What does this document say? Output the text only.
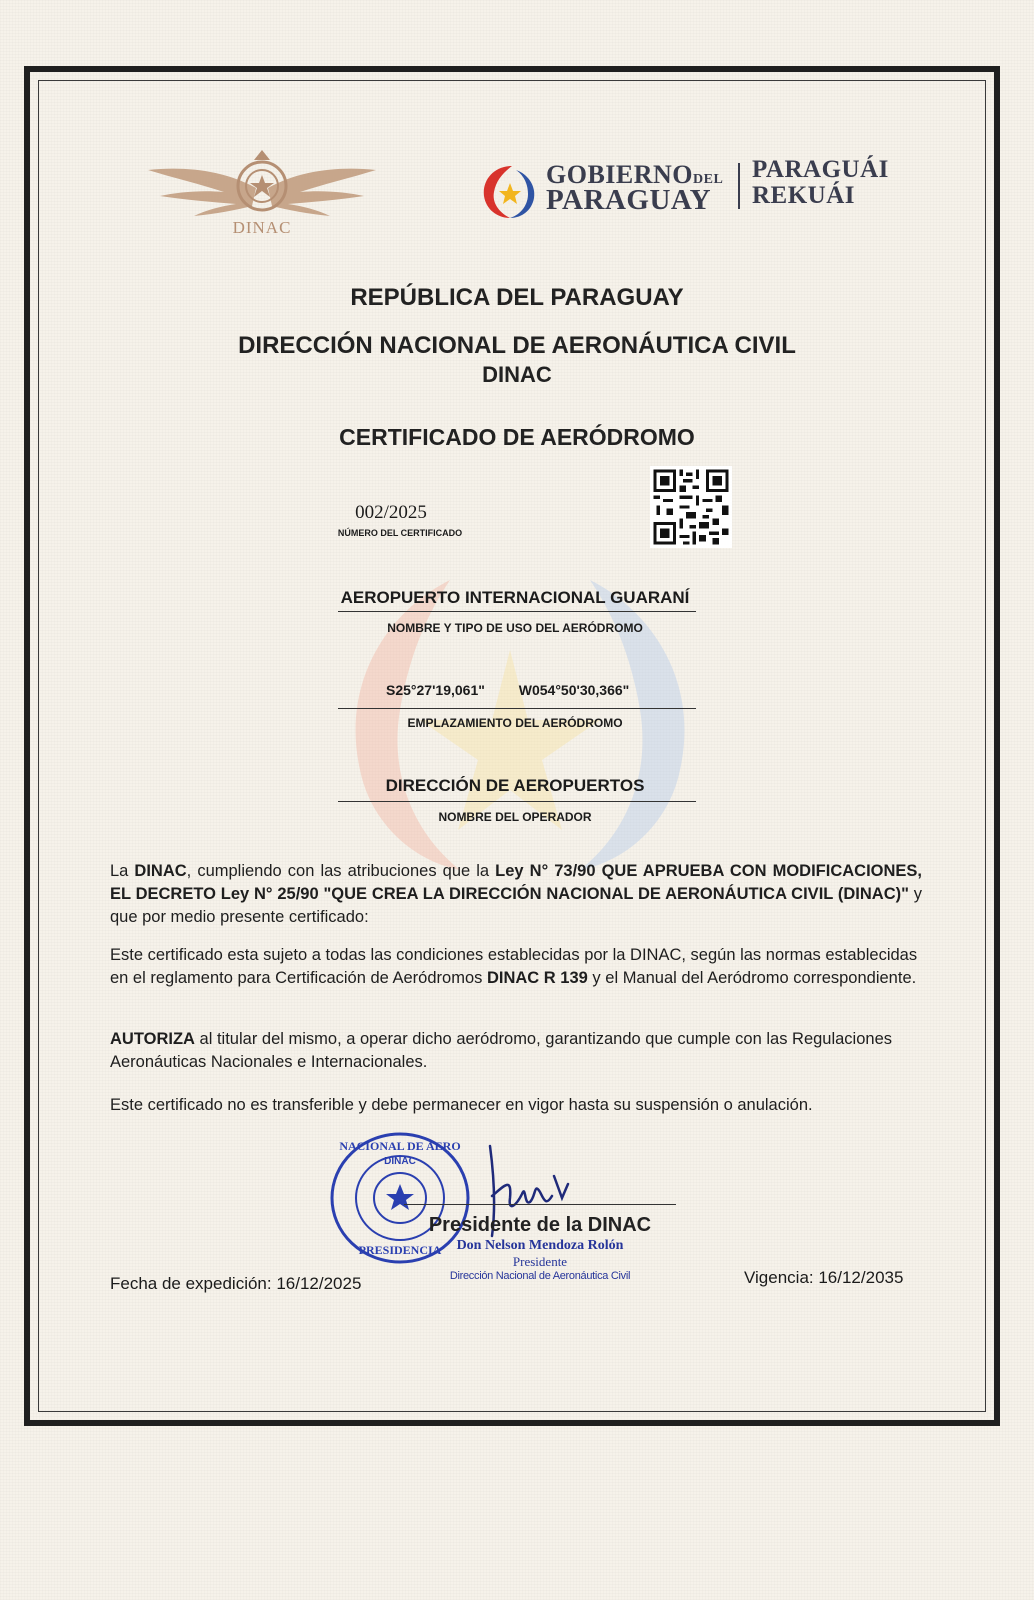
DINAC
GOBIERNODEL
PARAGUAY
PARAGUÁI
REKUÁI
REPÚBLICA DEL PARAGUAY
DIRECCIÓN NACIONAL DE AERONÁUTICA CIVIL
DINAC
CERTIFICADO DE AERÓDROMO
002/2025
NÚMERO DEL CERTIFICADO
AEROPUERTO INTERNACIONAL GUARANÍ
NOMBRE Y TIPO DE USO DEL AERÓDROMO
S25°27'19,061" W054°50'30,366"
EMPLAZAMIENTO DEL AERÓDROMO
DIRECCIÓN DE AEROPUERTOS
NOMBRE DEL OPERADOR
La DINAC, cumpliendo con las atribuciones que la Ley N° 73/90 QUE APRUEBA CON MODIFICACIONES, EL DECRETO Ley N° 25/90 "QUE CREA LA DIRECCIÓN NACIONAL DE AERONÁUTICA CIVIL (DINAC)" y que por medio presente certificado:
Este certificado esta sujeto a todas las condiciones establecidas por la DINAC, según las normas establecidas en el reglamento para Certificación de Aeródromos DINAC R 139 y el Manual del Aeródromo correspondiente.
AUTORIZA al titular del mismo, a operar dicho aeródromo, garantizando que cumple con las Regulaciones Aeronáuticas Nacionales e Internacionales.
Este certificado no es transferible y debe permanecer en vigor hasta su suspensión o anulación.
NACIONAL DE AERO
DINAC
PRESIDENCIA
Presidente de la DINAC
Don Nelson Mendoza Rolón
Presidente
Dirección Nacional de Aeronáutica Civil
Fecha de expedición: 16/12/2025	Vigencia: 16/12/2035
